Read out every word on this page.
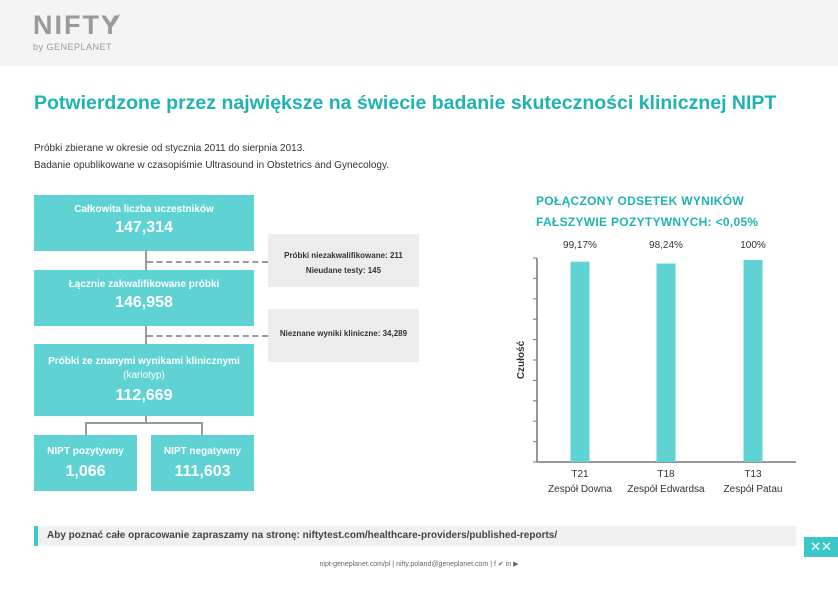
NIFTY
by GENEPLANET
Potwierdzone przez największe na świecie badanie skuteczności klinicznej NIPT
Próbki zbierane w okresie od stycznia 2011 do sierpnia 2013.
Badanie opublikowane w czasopiśmie Ultrasound in Obstetrics and Gynecology.
Całkowita liczba uczestników
147,314
Łącznie zakwalifikowane próbki
146,958
Próbki ze znanymi wynikami klinicznymi
(kariotyp)
112,669
NIPT pozytywny
1,066
NIPT negatywny
111,603
Próbki niezakwalifikowane: 211
Nieudane testy: 145
Nieznane wyniki kliniczne: 34,289
POŁĄCZONY ODSETEK WYNIKÓW
FAŁSZYWIE POZYTYWNYCH: <0,05%
Czułość
99,17%
T21
Zespół Downa
98,24%
T18
Zespół Edwardsa
100%
T13
Zespół Patau
Aby poznać całe opracowanie zapraszamy na stronę: niftytest.com/healthcare-providers/published-reports/
✕✕
nipt-geneplanet.com/pl | nifty.poland@geneplanet.com | f ✔ in ▶
